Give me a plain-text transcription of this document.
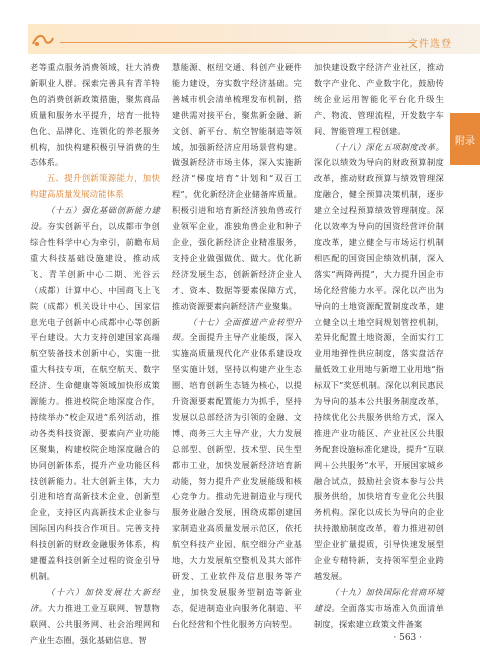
文件选登
附录

老等重点服务消费领域，壮大消费新职业人群。探索完善具有青羊特色的消费创新政策措施，聚焦商品质量和服务水平提升，培育一批特色化、品牌化、连锁化的养老服务机构，加快构建积极引导消费的生态体系。

五、提升创新策源能力，加快构建高质量发展动能体系

（十五）强化基础创新能力建设。夯实创新平台，以成都市争创综合性科学中心为牵引，前瞻布局重大科技基础设施建设，推动成飞、青羊创新中心二期、光谷云（成都）计算中心、中国商飞上飞院（成都）机关设计中心、国家信息光电子创新中心成都中心等创新平台建设。大力支持创建国家高端航空装备技术创新中心，实施一批重大科技专项，在航空航天、数字经济、生命健康等领域加快形成策源能力。推进校院企地深度合作，持续举办“校企双进”系列活动，推动各类科技资源、要素向产业功能区聚集，构建校院企地深度融合的协同创新体系，提升产业功能区科技创新能力。壮大创新主体，大力引进和培育高新技术企业、创新型企业，支持区内高新技术企业参与国际国内科技合作项目。完善支持科技创新的财政金融服务体系，构建覆盖科技创新全过程的资金引导机制。

（十六）加快发展壮大新经济。大力推进工业互联网、智慧物联网、公共服务网、社会治理网和产业生态圈，强化基础信息、智

慧能源、枢纽交通、科创产业硬件能力建设，夯实数字经济基础。完善城市机会清单梳理发布机制，搭建供需对接平台，聚焦新金融、新文创、新平台、航空智能制造等领域，加强新经济应用场景营构建。做强新经济市场主体，深入实施新经济“梯度培育”计划和“双百工程”，优化新经济企业储备库质量。积极引进和培育新经济独角兽或行业领军企业，准独角兽企业和种子企业，强化新经济企业精准服务，支持企业做强做优、做大。优化新经济发展生态，创新新经济企业人才、资本、数据等要素保障方式，推动资源要素向新经济产业聚集。

（十七）全面推进产业转型升级。全面提升主导产业能级，深入实施高质量现代化产业体系建设攻坚实施计划，坚持以构建产业生态圈、培育创新生态链为核心，以提升资源要素配置能力为抓手，坚持发展以总部经济为引领的金融、文博、商务三大主导产业，大力发展总部型、创新型、技术型、民生型都市工业，加快发展新经济培育新动能，努力提升产业发展能级和核心竞争力。推动先进制造业与现代服务业融合发展，围绕成都创建国家制造业高质量发展示范区，依托航空科技产业园、航空细分产业基地，大力发展航空整机及其大部件研发、工业软件及信息服务等产业，加快发展服务型制造等新业态，促进制造业向服务化制造、平台化经营和个性化服务方向转型。

加快建设数字经济产业社区，推动数字产业化、产业数字化，鼓励传统企业运用智能化平台化升级生产、物流、管理流程，开发数字车间、智能管理工程创建。

（十八）深化五项制度改革。深化以绩效为导向的财政预算制度改革，推动财政预算与绩效管理深度融合，健全预算决策机制，逐步建立全过程预算绩效管理制度。深化以效率为导向的国资经营评价制度改革，建立健全与市场运行机制相匹配的国资国企绩效机制，深入落实“两降两提”，大力提升国企市场化经营能力水平。深化以产出为导向的土地资源配置制度改革，建立健全以土地空间规划管控机制，差异化配置土地资源，全面实行工业用地弹性供应制度，落实盘活存量低效工业用地与新增工业用地“指标双下”奖惩机制。深化以利民惠民为导向的基本公共服务制度改革，持续优化公共服务供给方式，深入推进产业功能区、产业社区公共服务配套设施标准化建设，提升“互联网＋公共服务”水平，开展国家城乡融合试点，鼓励社会资本参与公共服务供给，加快培育专业化公共服务机构。深化以成长为导向的企业扶持激励制度改革，着力推进初创型企业扩量提质，引导快速发展型企业专精特新，支持领军型企业跨越发展。

（十九）加快国际化营商环境建设。全面落实市场准入负面清单制度，探索建立政策文件备案

· 563 ·
